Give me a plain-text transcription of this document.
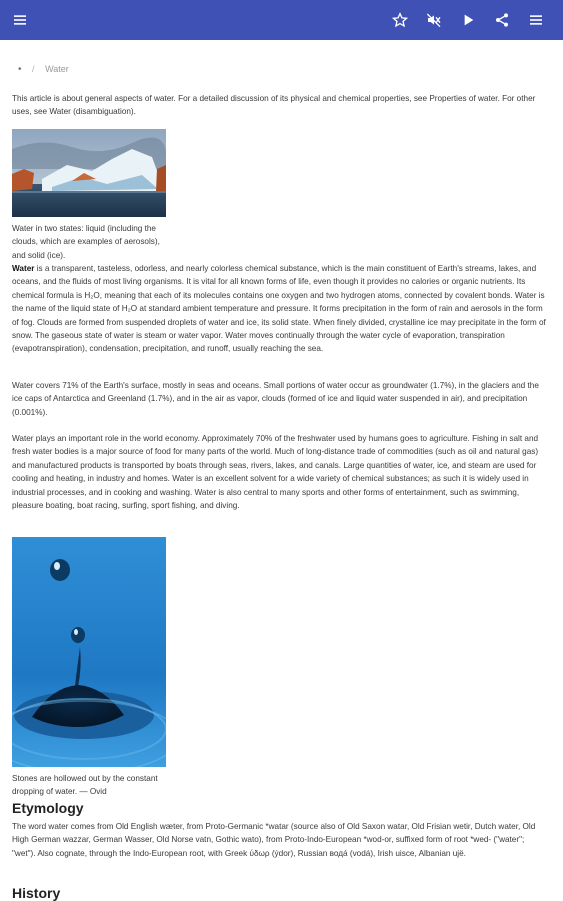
• / Water
This article is about general aspects of water. For a detailed discussion of its physical and chemical properties, see Properties of water. For other uses, see Water (disambiguation).
Water in two states: liquid (including the clouds, which are examples of aerosols), and solid (ice).
Water is a transparent, tasteless, odorless, and nearly colorless chemical substance, which is the main constituent of Earth's streams, lakes, and oceans, and the fluids of most living organisms. It is vital for all known forms of life, even though it provides no calories or organic nutrients. Its chemical formula is H₂O, meaning that each of its molecules contains one oxygen and two hydrogen atoms, connected by covalent bonds. Water is the name of the liquid state of H₂O at standard ambient temperature and pressure. It forms precipitation in the form of rain and aerosols in the form of fog. Clouds are formed from suspended droplets of water and ice, its solid state. When finely divided, crystalline ice may precipitate in the form of snow. The gaseous state of water is steam or water vapor. Water moves continually through the water cycle of evaporation, transpiration (evapotranspiration), condensation, precipitation, and runoff, usually reaching the sea.
Water covers 71% of the Earth's surface, mostly in seas and oceans. Small portions of water occur as groundwater (1.7%), in the glaciers and the ice caps of Antarctica and Greenland (1.7%), and in the air as vapor, clouds (formed of ice and liquid water suspended in air), and precipitation (0.001%).
Water plays an important role in the world economy. Approximately 70% of the freshwater used by humans goes to agriculture. Fishing in salt and fresh water bodies is a major source of food for many parts of the world. Much of long-distance trade of commodities (such as oil and natural gas) and manufactured products is transported by boats through seas, rivers, lakes, and canals. Large quantities of water, ice, and steam are used for cooling and heating, in industry and homes. Water is an excellent solvent for a wide variety of chemical substances; as such it is widely used in industrial processes, and in cooking and washing. Water is also central to many sports and other forms of entertainment, such as swimming, pleasure boating, boat racing, surfing, sport fishing, and diving.
Stones are hollowed out by the constant dropping of water. — Ovid
Etymology
The word water comes from Old English wæter, from Proto-Germanic *watar (source also of Old Saxon watar, Old Frisian wetir, Dutch water, Old High German wazzar, German Wasser, Old Norse vatn, Gothic wato), from Proto-Indo-European *wod-or, suffixed form of root *wed- ("water"; "wet"). Also cognate, through the Indo-European root, with Greek ύδωρ (ýdor), Russian вода́ (vodá), Irish uisce, Albanian ujë.
History
